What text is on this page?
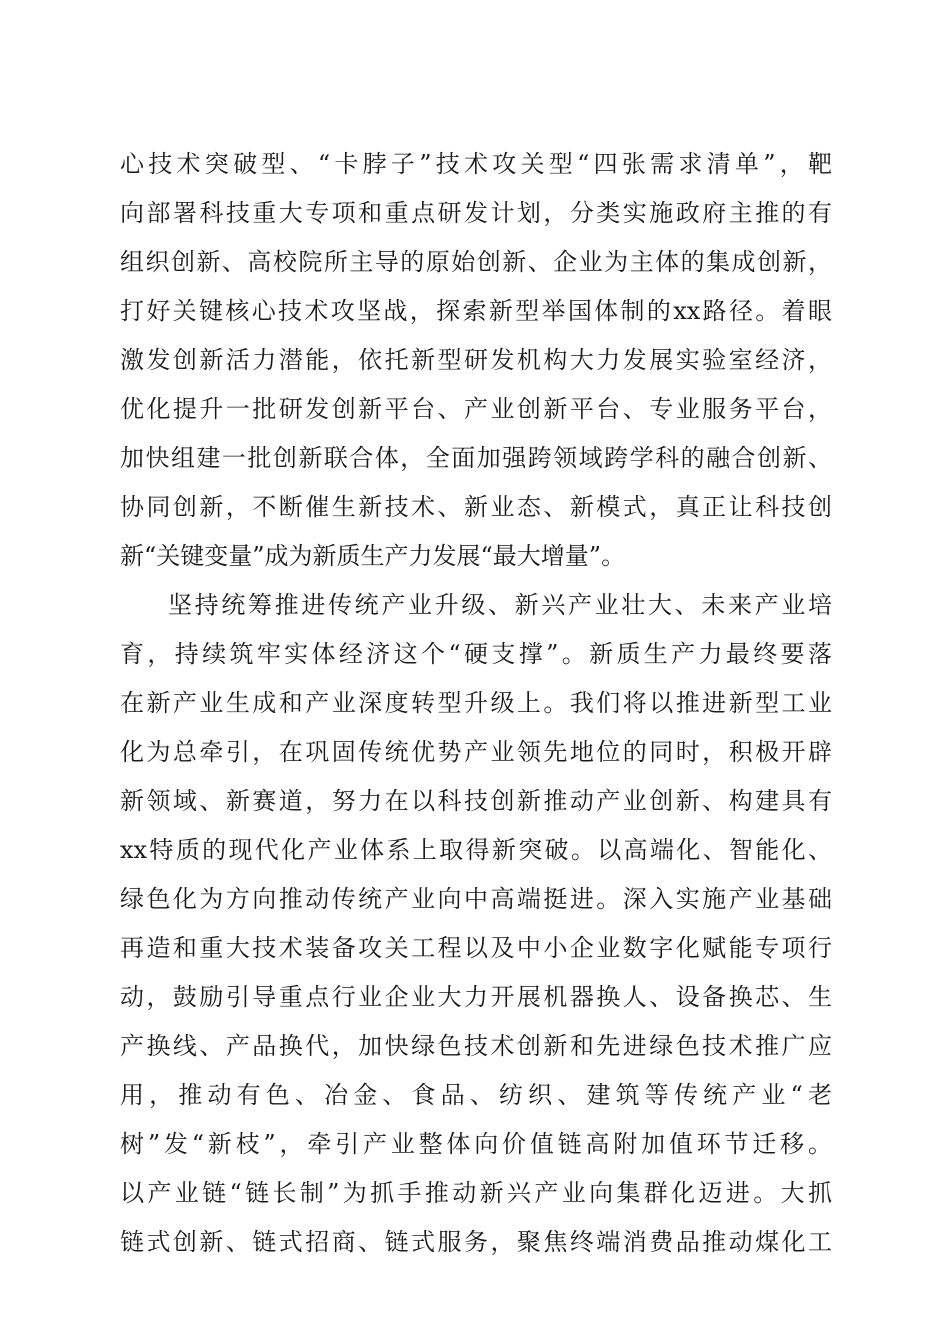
心技术突破型、“卡脖子”技术攻关型“四张需求清单”，靶
向部署科技重大专项和重点研发计划，分类实施政府主推的有
组织创新、高校院所主导的原始创新、企业为主体的集成创新，
打好关键核心技术攻坚战，探索新型举国体制的xx路径。着眼
激发创新活力潜能，依托新型研发机构大力发展实验室经济，
优化提升一批研发创新平台、产业创新平台、专业服务平台，
加快组建一批创新联合体，全面加强跨领域跨学科的融合创新、
协同创新，不断催生新技术、新业态、新模式，真正让科技创
新“关键变量”成为新质生产力发展“最大增量”。
坚持统筹推进传统产业升级、新兴产业壮大、未来产业培
育，持续筑牢实体经济这个“硬支撑”。新质生产力最终要落
在新产业生成和产业深度转型升级上。我们将以推进新型工业
化为总牵引，在巩固传统优势产业领先地位的同时，积极开辟
新领域、新赛道，努力在以科技创新推动产业创新、构建具有
xx特质的现代化产业体系上取得新突破。以高端化、智能化、
绿色化为方向推动传统产业向中高端挺进。深入实施产业基础
再造和重大技术装备攻关工程以及中小企业数字化赋能专项行
动，鼓励引导重点行业企业大力开展机器换人、设备换芯、生
产换线、产品换代，加快绿色技术创新和先进绿色技术推广应
用，推动有色、冶金、食品、纺织、建筑等传统产业“老
树”发“新枝”，牵引产业整体向价值链高附加值环节迁移。
以产业链“链长制”为抓手推动新兴产业向集群化迈进。大抓
链式创新、链式招商、链式服务，聚焦终端消费品推动煤化工
